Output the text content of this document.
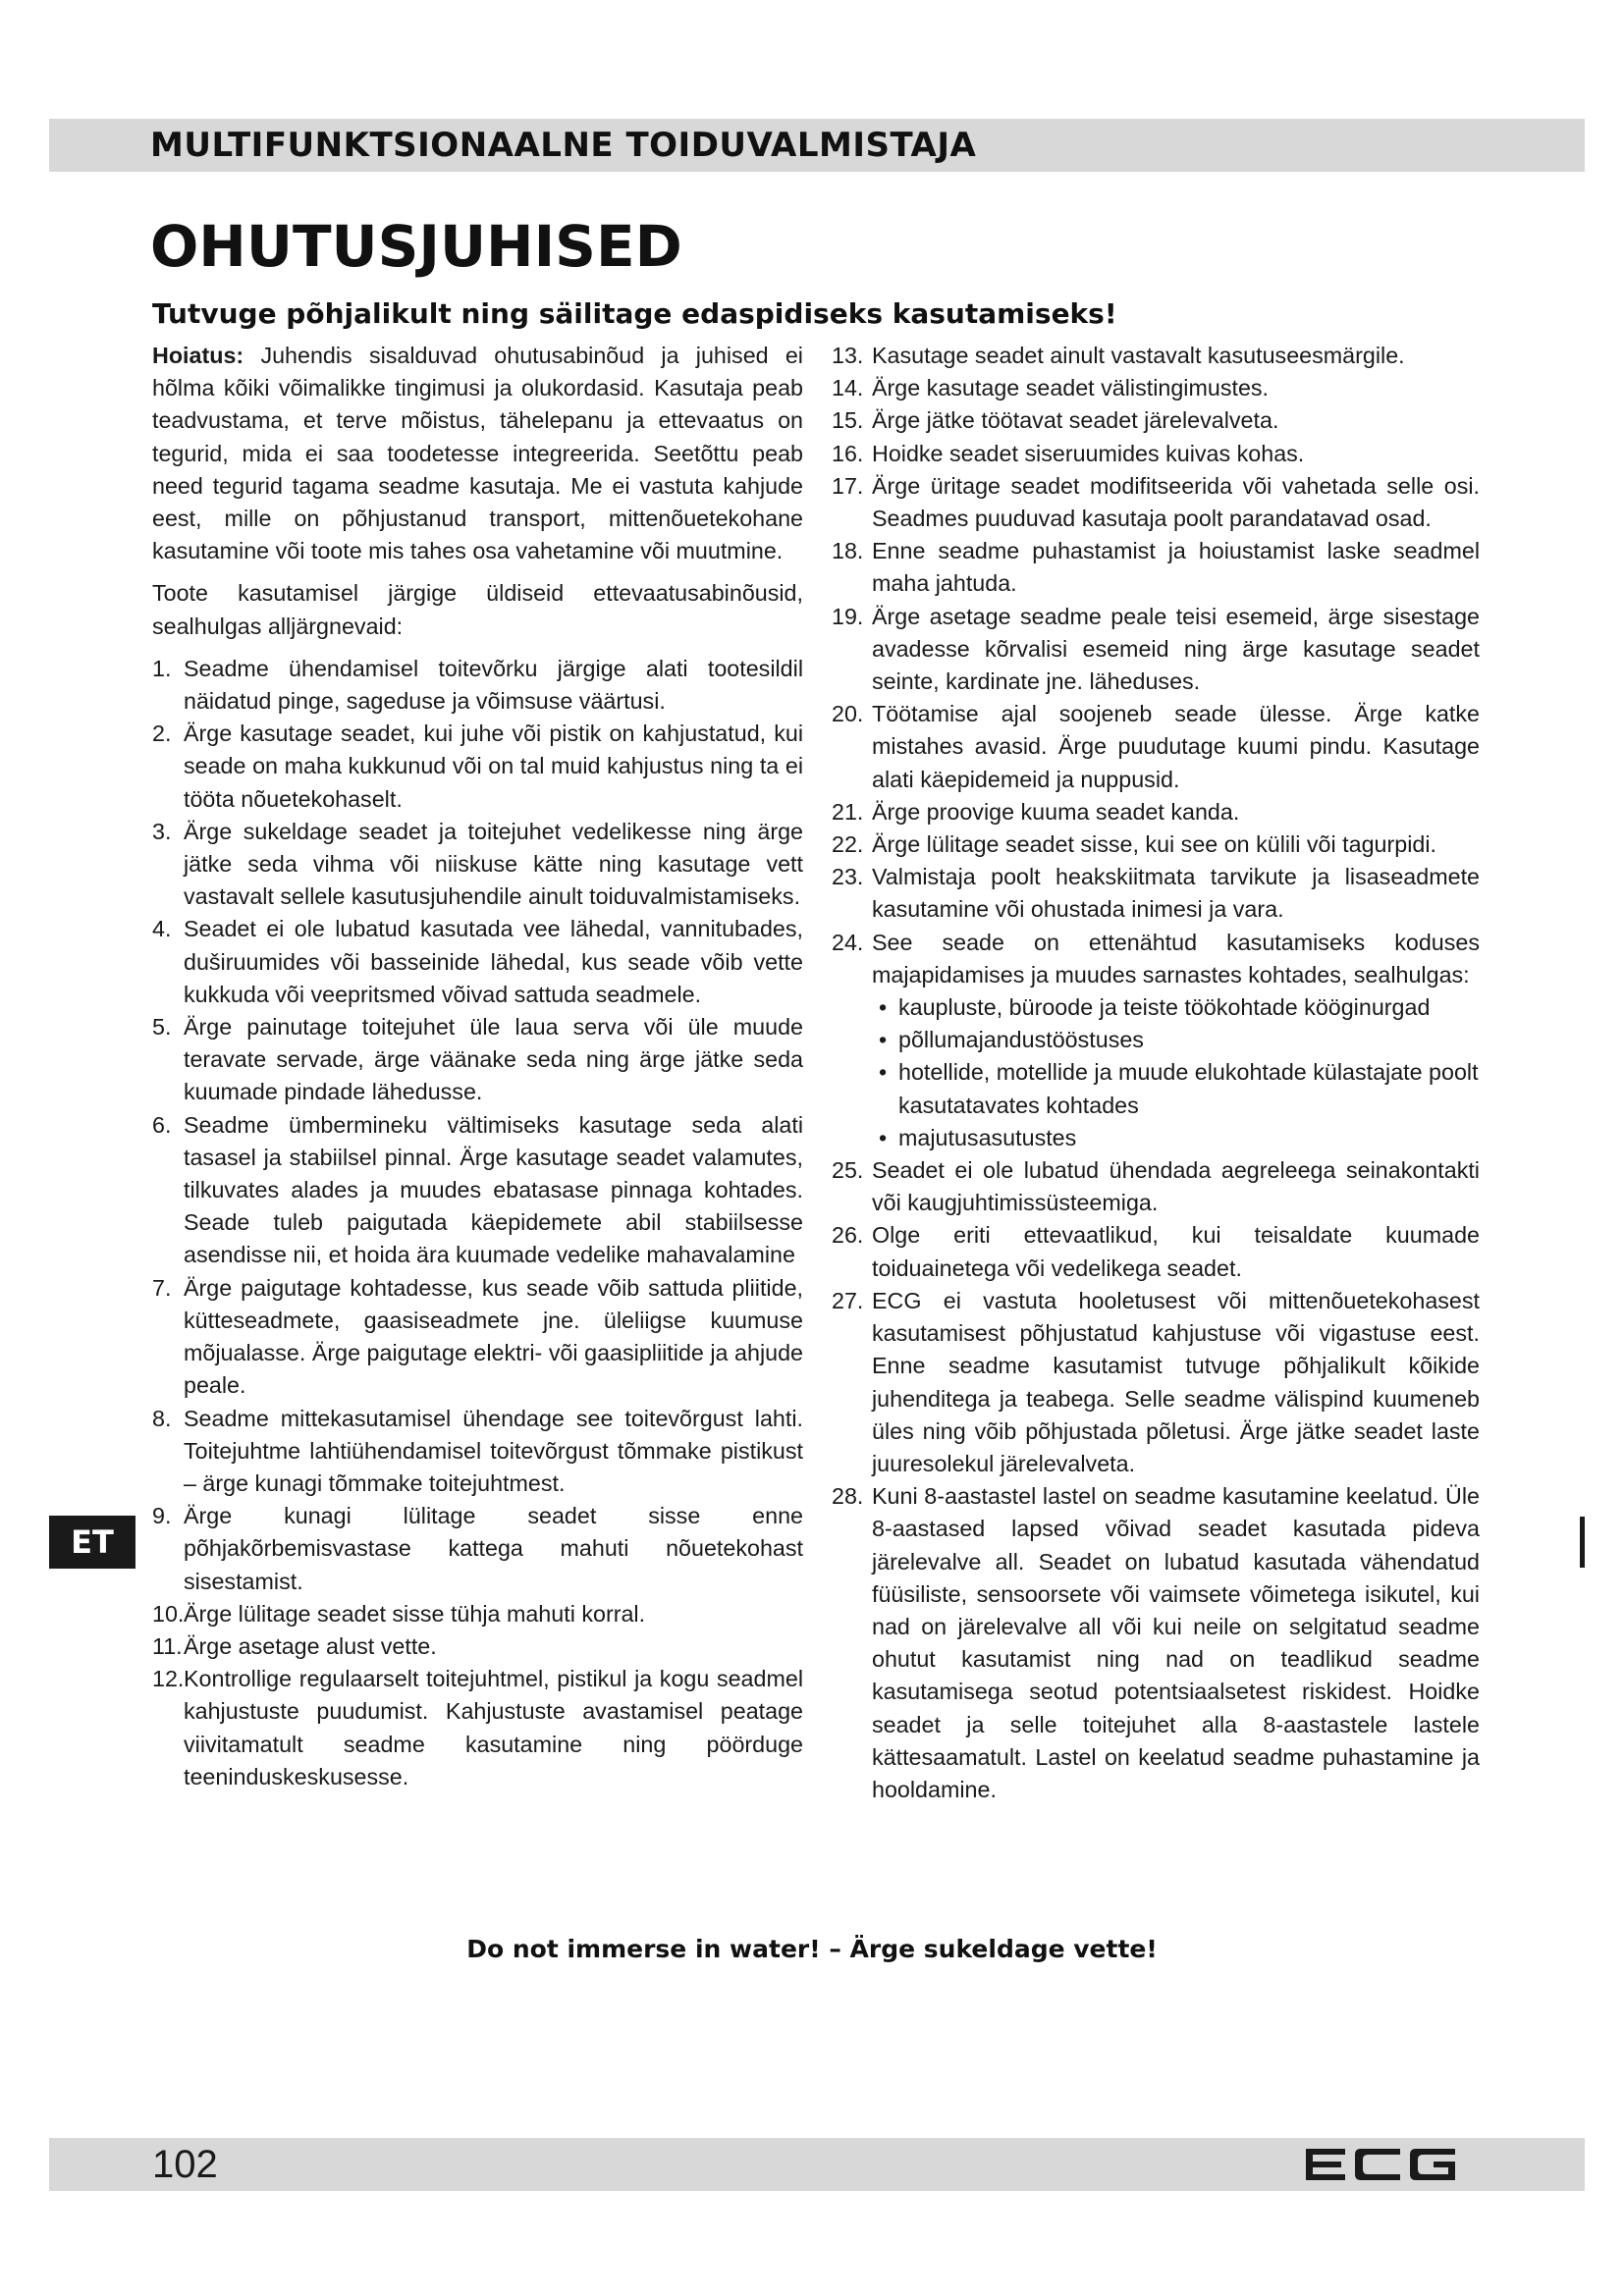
MULTIFUNKTSIONAALNE TOIDUVALMISTAJA
OHUTUSJUHISED

Tutvuge põhjalikult ning säilitage edaspidiseks kasutamiseks!

Hoiatus: Juhendis sisalduvad ohutusabinõud ja juhised ei hõlma kõiki võimalikke tingimusi ja olukordasid. Kasutaja peab teadvustama, et terve mõistus, tähelepanu ja ettevaatus on tegurid, mida ei saa toodetesse integreerida. Seetõttu peab need tegurid tagama seadme kasutaja. Me ei vastuta kahjude eest, mille on põhjustanud transport, mittenõuetekohane kasutamine või toote mis tahes osa vahetamine või muutmine.

Toote kasutamisel järgige üldiseid ettevaatusabinõusid, sealhulgas alljärgnevaid:

1. Seadme ühendamisel toitevõrku järgige alati tootesildil näidatud pinge, sageduse ja võimsuse väärtusi.
2. Ärge kasutage seadet, kui juhe või pistik on kahjustatud, kui seade on maha kukkunud või on tal muid kahjustus ning ta ei tööta nõuetekohaselt.
3. Ärge sukeldage seadet ja toitejuhet vedelikesse ning ärge jätke seda vihma või niiskuse kätte ning kasutage vett vastavalt sellele kasutusjuhendile ainult toiduvalmistamiseks.
4. Seadet ei ole lubatud kasutada vee lähedal, vannitubades, duširuumides või basseinide lähedal, kus seade võib vette kukkuda või veepritsmed võivad sattuda seadmele.
5. Ärge painutage toitejuhet üle laua serva või üle muude teravate servade, ärge väänake seda ning ärge jätke seda kuumade pindade lähedusse.
6. Seadme ümbermineku vältimiseks kasutage seda alati tasasel ja stabiilsel pinnal. Ärge kasutage seadet valamutes, tilkuvates alades ja muudes ebatasase pinnaga kohtades. Seade tuleb paigutada käepidemete abil stabiilsesse asendisse nii, et hoida ära kuumade vedelike mahavalamine
7. Ärge paigutage kohtadesse, kus seade võib sattuda pliitide, kütteseadmete, gaasiseadmete jne. üleliigse kuumuse mõjualasse. Ärge paigutage elektri- või gaasipliitide ja ahjude peale.
8. Seadme mittekasutamisel ühendage see toitevõrgust lahti. Toitejuhtme lahtiühendamisel toitevõrgust tõmmake pistikust – ärge kunagi tõmmake toitejuhtmest.
9. Ärge kunagi lülitage seadet sisse enne põhjakõrbemisvastase kattega mahuti nõuetekohast sisestamist.
10. Ärge lülitage seadet sisse tühja mahuti korral.
11. Ärge asetage alust vette.
12. Kontrollige regulaarselt toitejuhtmel, pistikul ja kogu seadmel kahjustuste puudumist. Kahjustuste avastamisel peatage viivitamatult seadme kasutamine ning pöörduge teeninduskeskusesse.
13. Kasutage seadet ainult vastavalt kasutuseesmärgile.
14. Ärge kasutage seadet välistingimustes.
15. Ärge jätke töötavat seadet järelevalveta.
16. Hoidke seadet siseruumides kuivas kohas.
17. Ärge üritage seadet modifitseerida või vahetada selle osi. Seadmes puuduvad kasutaja poolt parandatavad osad.
18. Enne seadme puhastamist ja hoiustamist laske seadmel maha jahtuda.
19. Ärge asetage seadme peale teisi esemeid, ärge sisestage avadesse kõrvalisi esemeid ning ärge kasutage seadet seinte, kardinate jne. läheduses.
20. Töötamise ajal soojeneb seade ülesse. Ärge katke mistahes avasid. Ärge puudutage kuumi pindu. Kasutage alati käepidemeid ja nuppusid.
21. Ärge proovige kuuma seadet kanda.
22. Ärge lülitage seadet sisse, kui see on külili või tagurpidi.
23. Valmistaja poolt heakskiitmata tarvikute ja lisaseadmete kasutamine või ohustada inimesi ja vara.
24. See seade on ettenähtud kasutamiseks koduses majapidamises ja muudes sarnastes kohtades, sealhulgas:
• kaupluste, büroode ja teiste töökohtade kööginurgad
• põllumajandustööstuses
• hotellide, motellide ja muude elukohtade külastajate poolt kasutatavates kohtades
• majutusasutustes
25. Seadet ei ole lubatud ühendada aegreleega seinakontakti või kaugjuhtimissüsteemiga.
26. Olge eriti ettevaatlikud, kui teisaldate kuumade toiduainetega või vedelikega seadet.
27. ECG ei vastuta hooletusest või mittenõuetekohasest kasutamisest põhjustatud kahjustuse või vigastuse eest. Enne seadme kasutamist tutvuge põhjalikult kõikide juhenditega ja teabega. Selle seadme välispind kuumeneb üles ning võib põhjustada põletusi. Ärge jätke seadet laste juuresolekul järelevalveta.
28. Kuni 8-aastastel lastel on seadme kasutamine keelatud. Üle 8-aastased lapsed võivad seadet kasutada pideva järelevalve all. Seadet on lubatud kasutada vähendatud füüsiliste, sensoorsete või vaimsete võimetega isikutel, kui nad on järelevalve all või kui neile on selgitatud seadme ohutut kasutamist ning nad on teadlikud seadme kasutamisega seotud potentsiaalsetest riskidest. Hoidke seadet ja selle toitejuhet alla 8-aastastele lastele kättesaamatult. Lastel on keelatud seadme puhastamine ja hooldamine.
Do not immerse in water! – Ärge sukeldage vette!
ET
102
